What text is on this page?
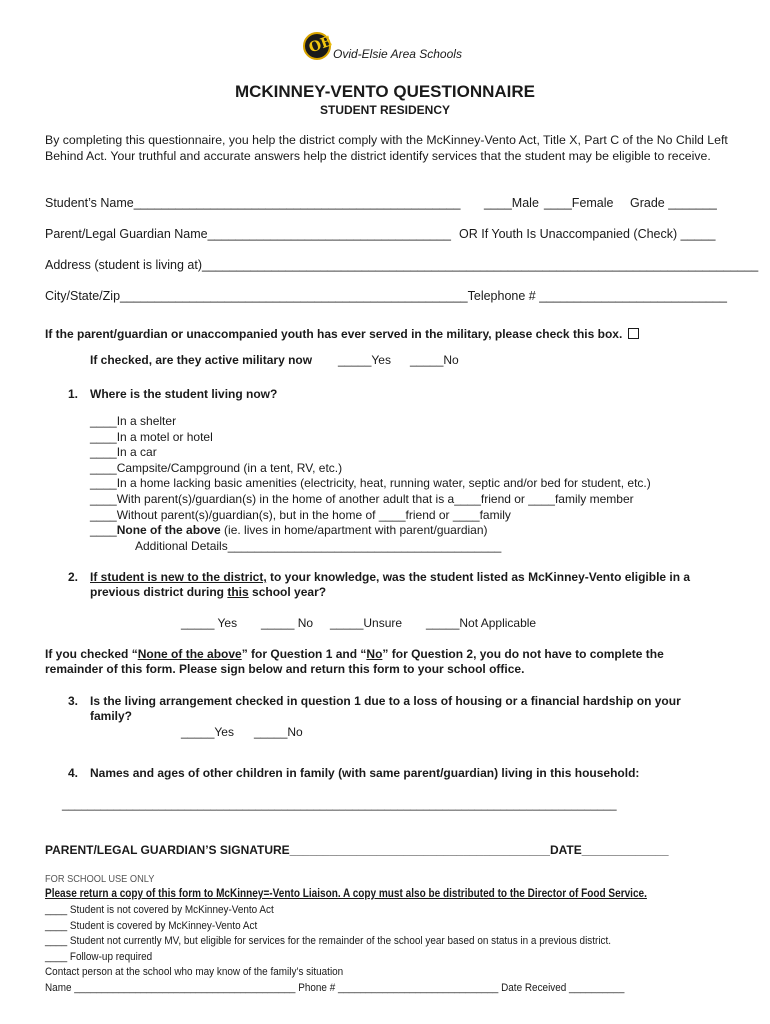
OE Ovid-Elsie Area Schools
MCKINNEY-VENTO QUESTIONNAIRE
STUDENT RESIDENCY
By completing this questionnaire, you help the district comply with the McKinney-Vento Act, Title X, Part C of the No Child Left Behind Act. Your truthful and accurate answers help the district identify services that the student may be eligible to receive.
Student’s Name_______________________________________________ ____Male ____Female Grade _______
Parent/Legal Guardian Name___________________________________ OR If Youth Is Unaccompanied (Check) _____
Address (student is living at)________________________________________________________________________________
City/State/Zip__________________________________________________Telephone # ___________________________
If the parent/guardian or unaccompanied youth has ever served in the military, please check this box.
If checked, are they active military now _____Yes _____No
1. Where is the student living now?
____In a shelter
____In a motel or hotel
____In a car
____Campsite/Campground (in a tent, RV, etc.)
____In a home lacking basic amenities (electricity, heat, running water, septic and/or bed for student, etc.)
____With parent(s)/guardian(s) in the home of another adult that is a____friend or ____family member
____Without parent(s)/guardian(s), but in the home of ____friend or ____family
____None of the above (ie. lives in home/apartment with parent/guardian)
Additional Details_________________________________________
2. If student is new to the district, to your knowledge, was the student listed as McKinney-Vento eligible in a
previous district during this school year?
_____ Yes _____ No _____Unsure _____Not Applicable
If you checked “None of the above” for Question 1 and “No” for Question 2, you do not have to complete the
remainder of this form. Please sign below and return this form to your school office.
3. Is the living arrangement checked in question 1 due to a loss of housing or a financial hardship on your
family?
_____Yes _____No
4. Names and ages of other children in family (with same parent/guardian) living in this household:
______________________________________________________________________________________
PARENT/LEGAL GUARDIAN’S SIGNATURE_______________________________________DATE_____________
FOR SCHOOL USE ONLY
Please return a copy of this form to McKinney=-Vento Liaison. A copy must also be distributed to the Director of Food Service.
____ Student is not covered by McKinney-Vento Act
____ Student is covered by McKinney-Vento Act
____ Student not currently MV, but eligible for services for the remainder of the school year based on status in a previous district.
____ Follow-up required
Contact person at the school who may know of the family’s situation
Name ________________________________________ Phone # _____________________________ Date Received __________
